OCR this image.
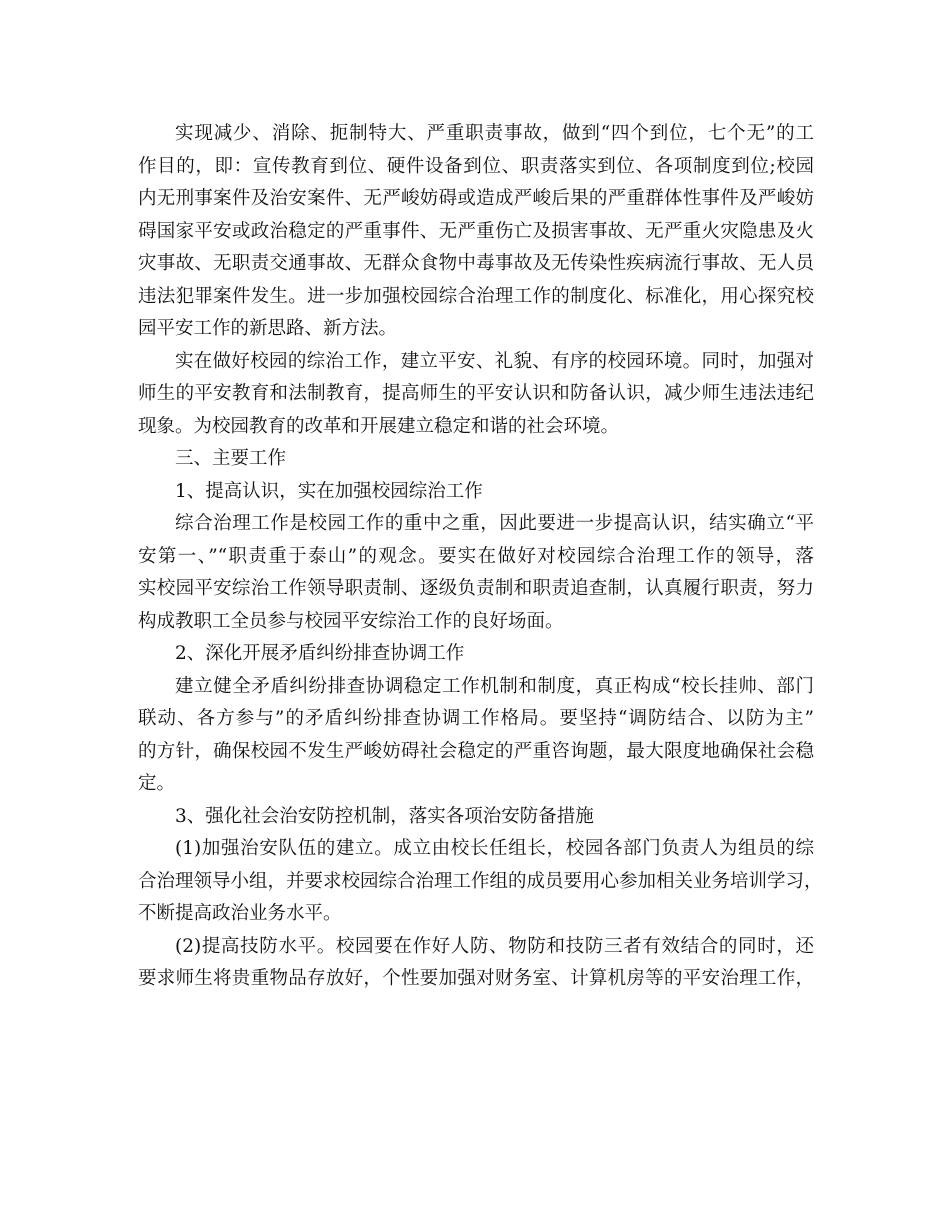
实现减少、消除、扼制特大、严重职责事故，做到“四个到位，七个无”的工
作目的，即：宣传教育到位、硬件设备到位、职责落实到位、各项制度到位;校园
内无刑事案件及治安案件、无严峻妨碍或造成严峻后果的严重群体性事件及严峻妨
碍国家平安或政治稳定的严重事件、无严重伤亡及损害事故、无严重火灾隐患及火
灾事故、无职责交通事故、无群众食物中毒事故及无传染性疾病流行事故、无人员
违法犯罪案件发生。进一步加强校园综合治理工作的制度化、标准化，用心探究校
园平安工作的新思路、新方法。
实在做好校园的综治工作，建立平安、礼貌、有序的校园环境。同时，加强对
师生的平安教育和法制教育，提高师生的平安认识和防备认识，减少师生违法违纪
现象。为校园教育的改革和开展建立稳定和谐的社会环境。
三、主要工作
1、提高认识，实在加强校园综治工作
综合治理工作是校园工作的重中之重，因此要进一步提高认识，结实确立“平
安第一、”“职责重于泰山”的观念。要实在做好对校园综合治理工作的领导，落
实校园平安综治工作领导职责制、逐级负责制和职责追查制，认真履行职责，努力
构成教职工全员参与校园平安综治工作的良好场面。
2、深化开展矛盾纠纷排查协调工作
建立健全矛盾纠纷排查协调稳定工作机制和制度，真正构成“校长挂帅、部门
联动、各方参与”的矛盾纠纷排查协调工作格局。要坚持“调防结合、以防为主”
的方针，确保校园不发生严峻妨碍社会稳定的严重咨询题，最大限度地确保社会稳
定。
3、强化社会治安防控机制，落实各项治安防备措施
(1)加强治安队伍的建立。成立由校长任组长，校园各部门负责人为组员的综
合治理领导小组，并要求校园综合治理工作组的成员要用心参加相关业务培训学习，
不断提高政治业务水平。
(2)提高技防水平。校园要在作好人防、物防和技防三者有效结合的同时，还
要求师生将贵重物品存放好，个性要加强对财务室、计算机房等的平安治理工作，
